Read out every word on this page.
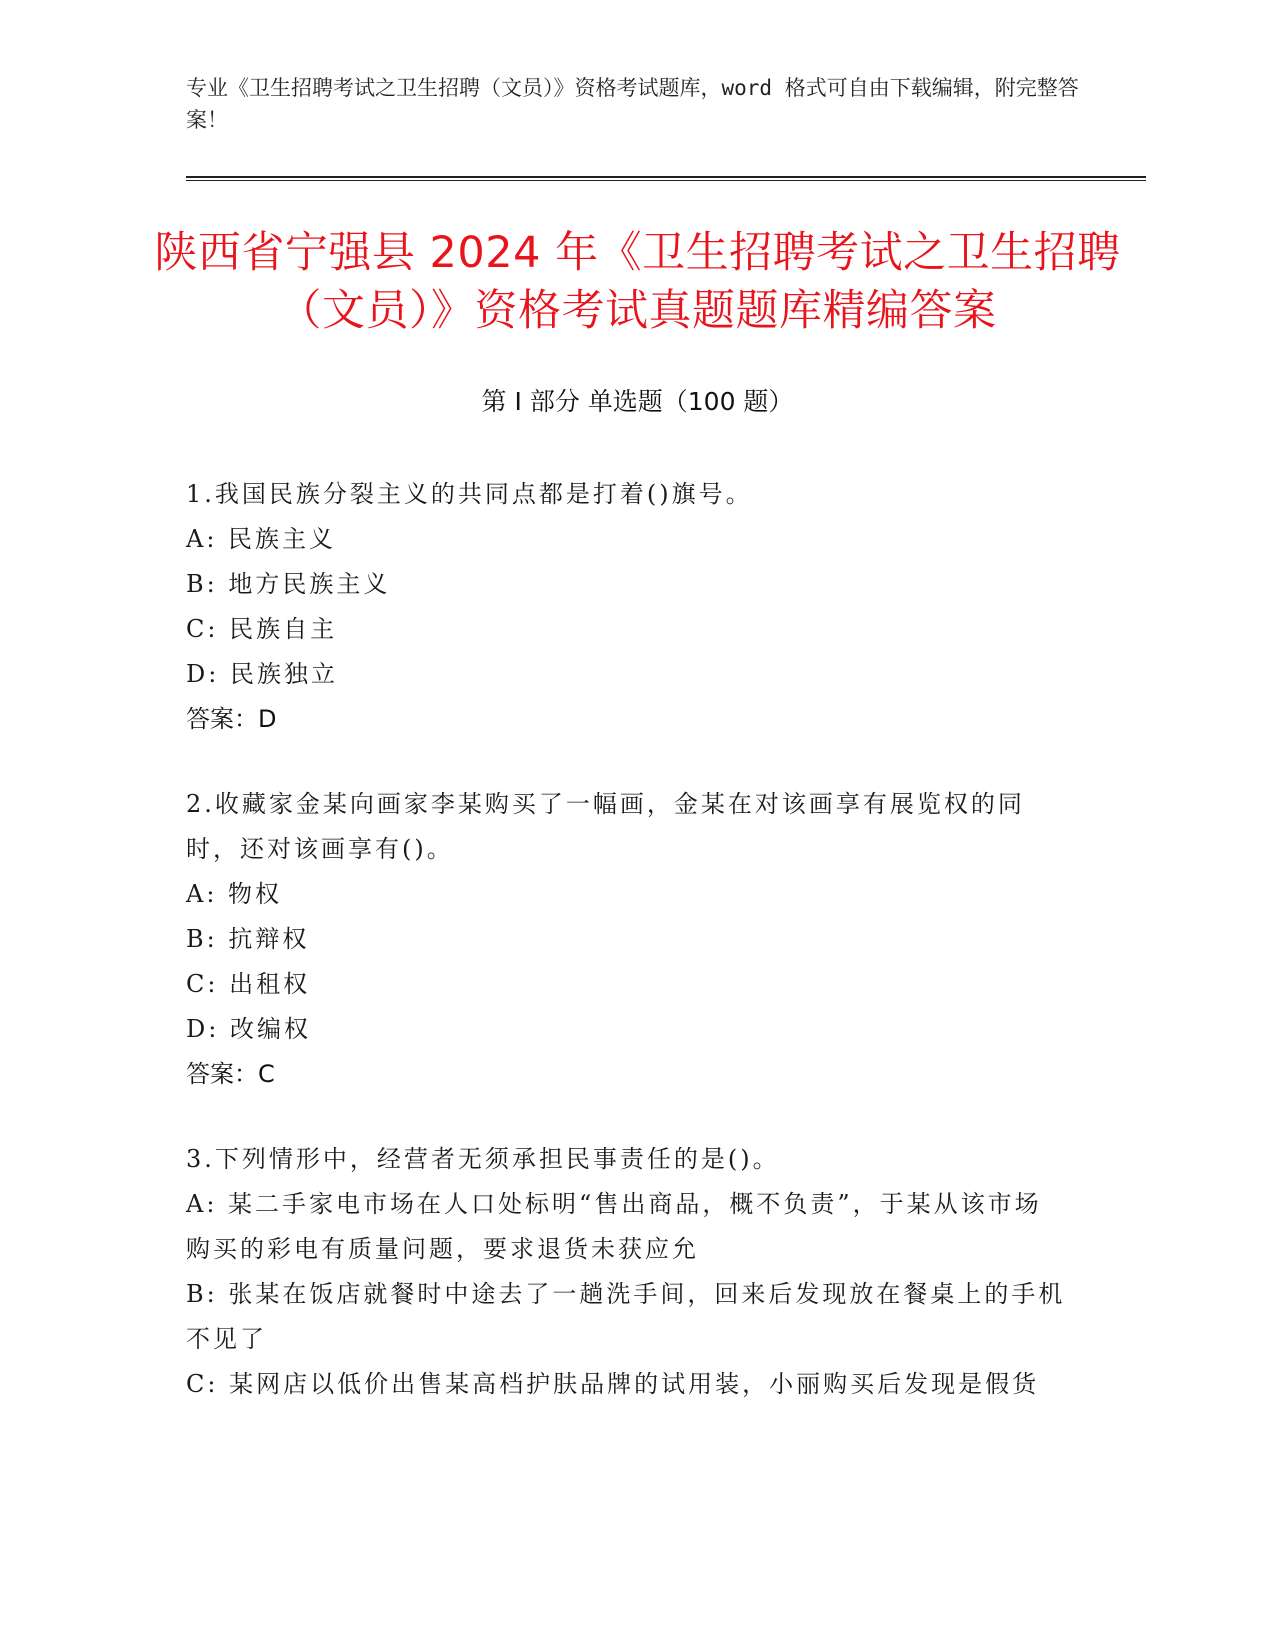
专业《卫生招聘考试之卫生招聘（文员）》资格考试题库，word 格式可自由下载编辑，附完整答案！
陕西省宁强县 2024 年《卫生招聘考试之卫生招聘（文员）》资格考试真题题库精编答案
第 I 部分 单选题（100 题）
1.我国民族分裂主义的共同点都是打着()旗号。
A: 民族主义
B: 地方民族主义
C: 民族自主
D: 民族独立
答案：D
2.收藏家金某向画家李某购买了一幅画，金某在对该画享有展览权的同时，还对该画享有()。
A: 物权
B: 抗辩权
C: 出租权
D: 改编权
答案：C
3.下列情形中，经营者无须承担民事责任的是()。
A: 某二手家电市场在人口处标明“售出商品，概不负责”，于某从该市场购买的彩电有质量问题，要求退货未获应允
B: 张某在饭店就餐时中途去了一趟洗手间，回来后发现放在餐桌上的手机不见了
C: 某网店以低价出售某高档护肤品牌的试用装，小丽购买后发现是假货
